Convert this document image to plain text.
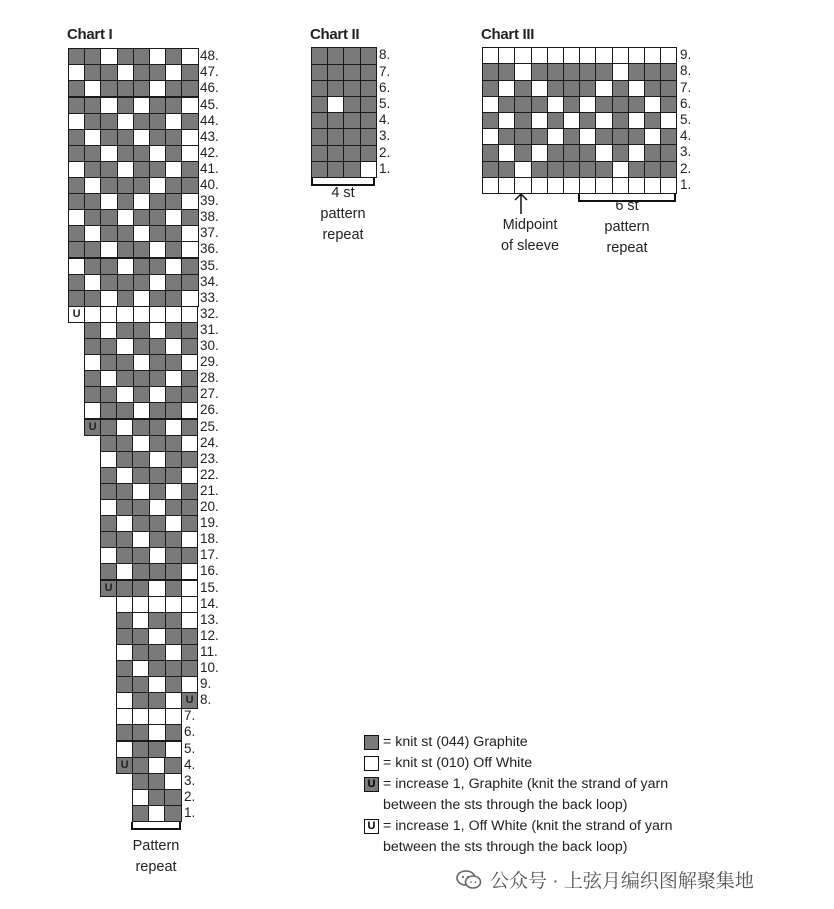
Chart I	Chart II	Chart III
48.
47.
46.
45.
44.
43.
42.
41.
40.
39.
38.
37.
36.
35.
34.
33.
U	32.
31.
30.
29.
28.
27.
26.
U	25.
24.
23.
22.
21.
20.
19.
18.
17.
16.
U	15.
14.
13.
12.
11.
10.
9.
U 8.
7.
6.
5.
U	4.
3.
2.
1.
8.
7.
6.
5.
4.
3.
2.
1.
9.
8.
7.
6.
5.
4.
3.
2.
1.
Pattern
repeat
4 st
pattern
repeat
6 st
pattern
repeat
Midpoint
of sleeve
= knit st (044) Graphite
= knit st (010) Off White
U = increase 1, Graphite (knit the strand of yarn
between the sts through the back loop)
U = increase 1, Off White (knit the strand of yarn
between the sts through the back loop)
公众号 · 上弦月编织图解聚集地
